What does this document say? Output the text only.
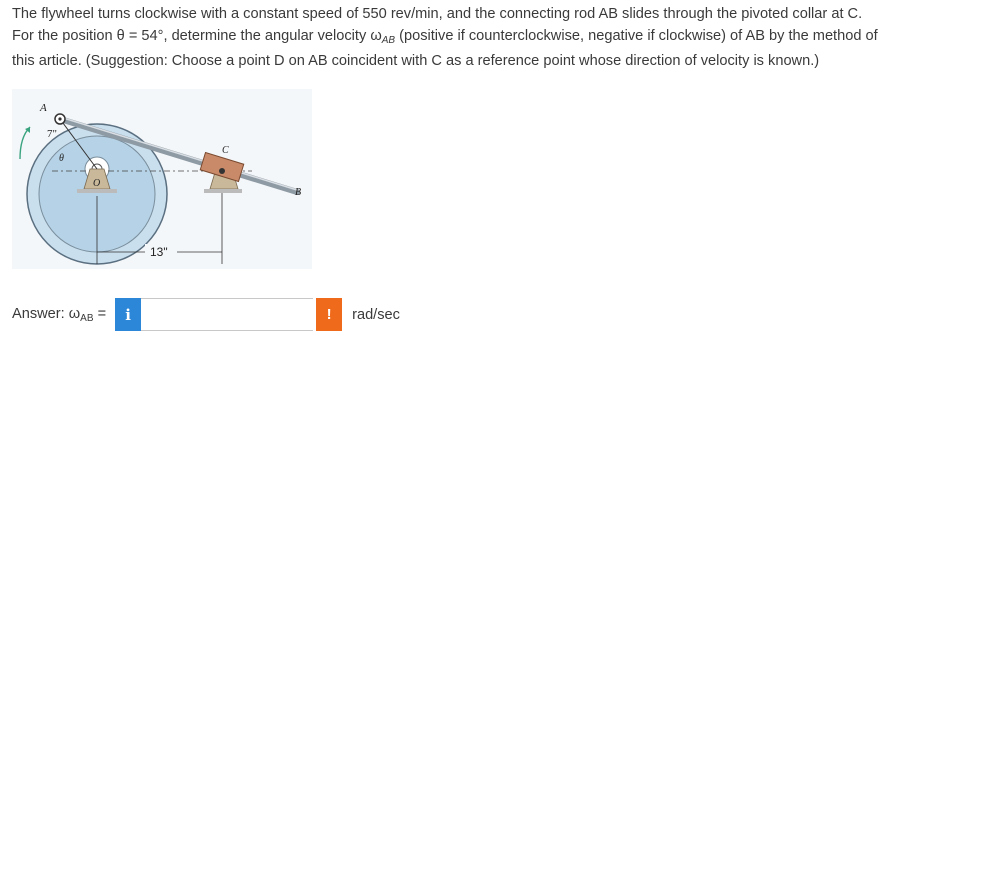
The flywheel turns clockwise with a constant speed of 550 rev/min, and the connecting rod AB slides through the pivoted collar at C.
For the position θ = 54°, determine the angular velocity $\omega_{AB}$ (positive if counterclockwise, negative if clockwise) of AB by the method of
this article. (Suggestion: Choose a point D on AB coincident with C as a reference point whose direction of velocity is known.)
13"
7"
θ
A
C
B
O
Answer: $\omega_{AB} = i$	! rad/sec
